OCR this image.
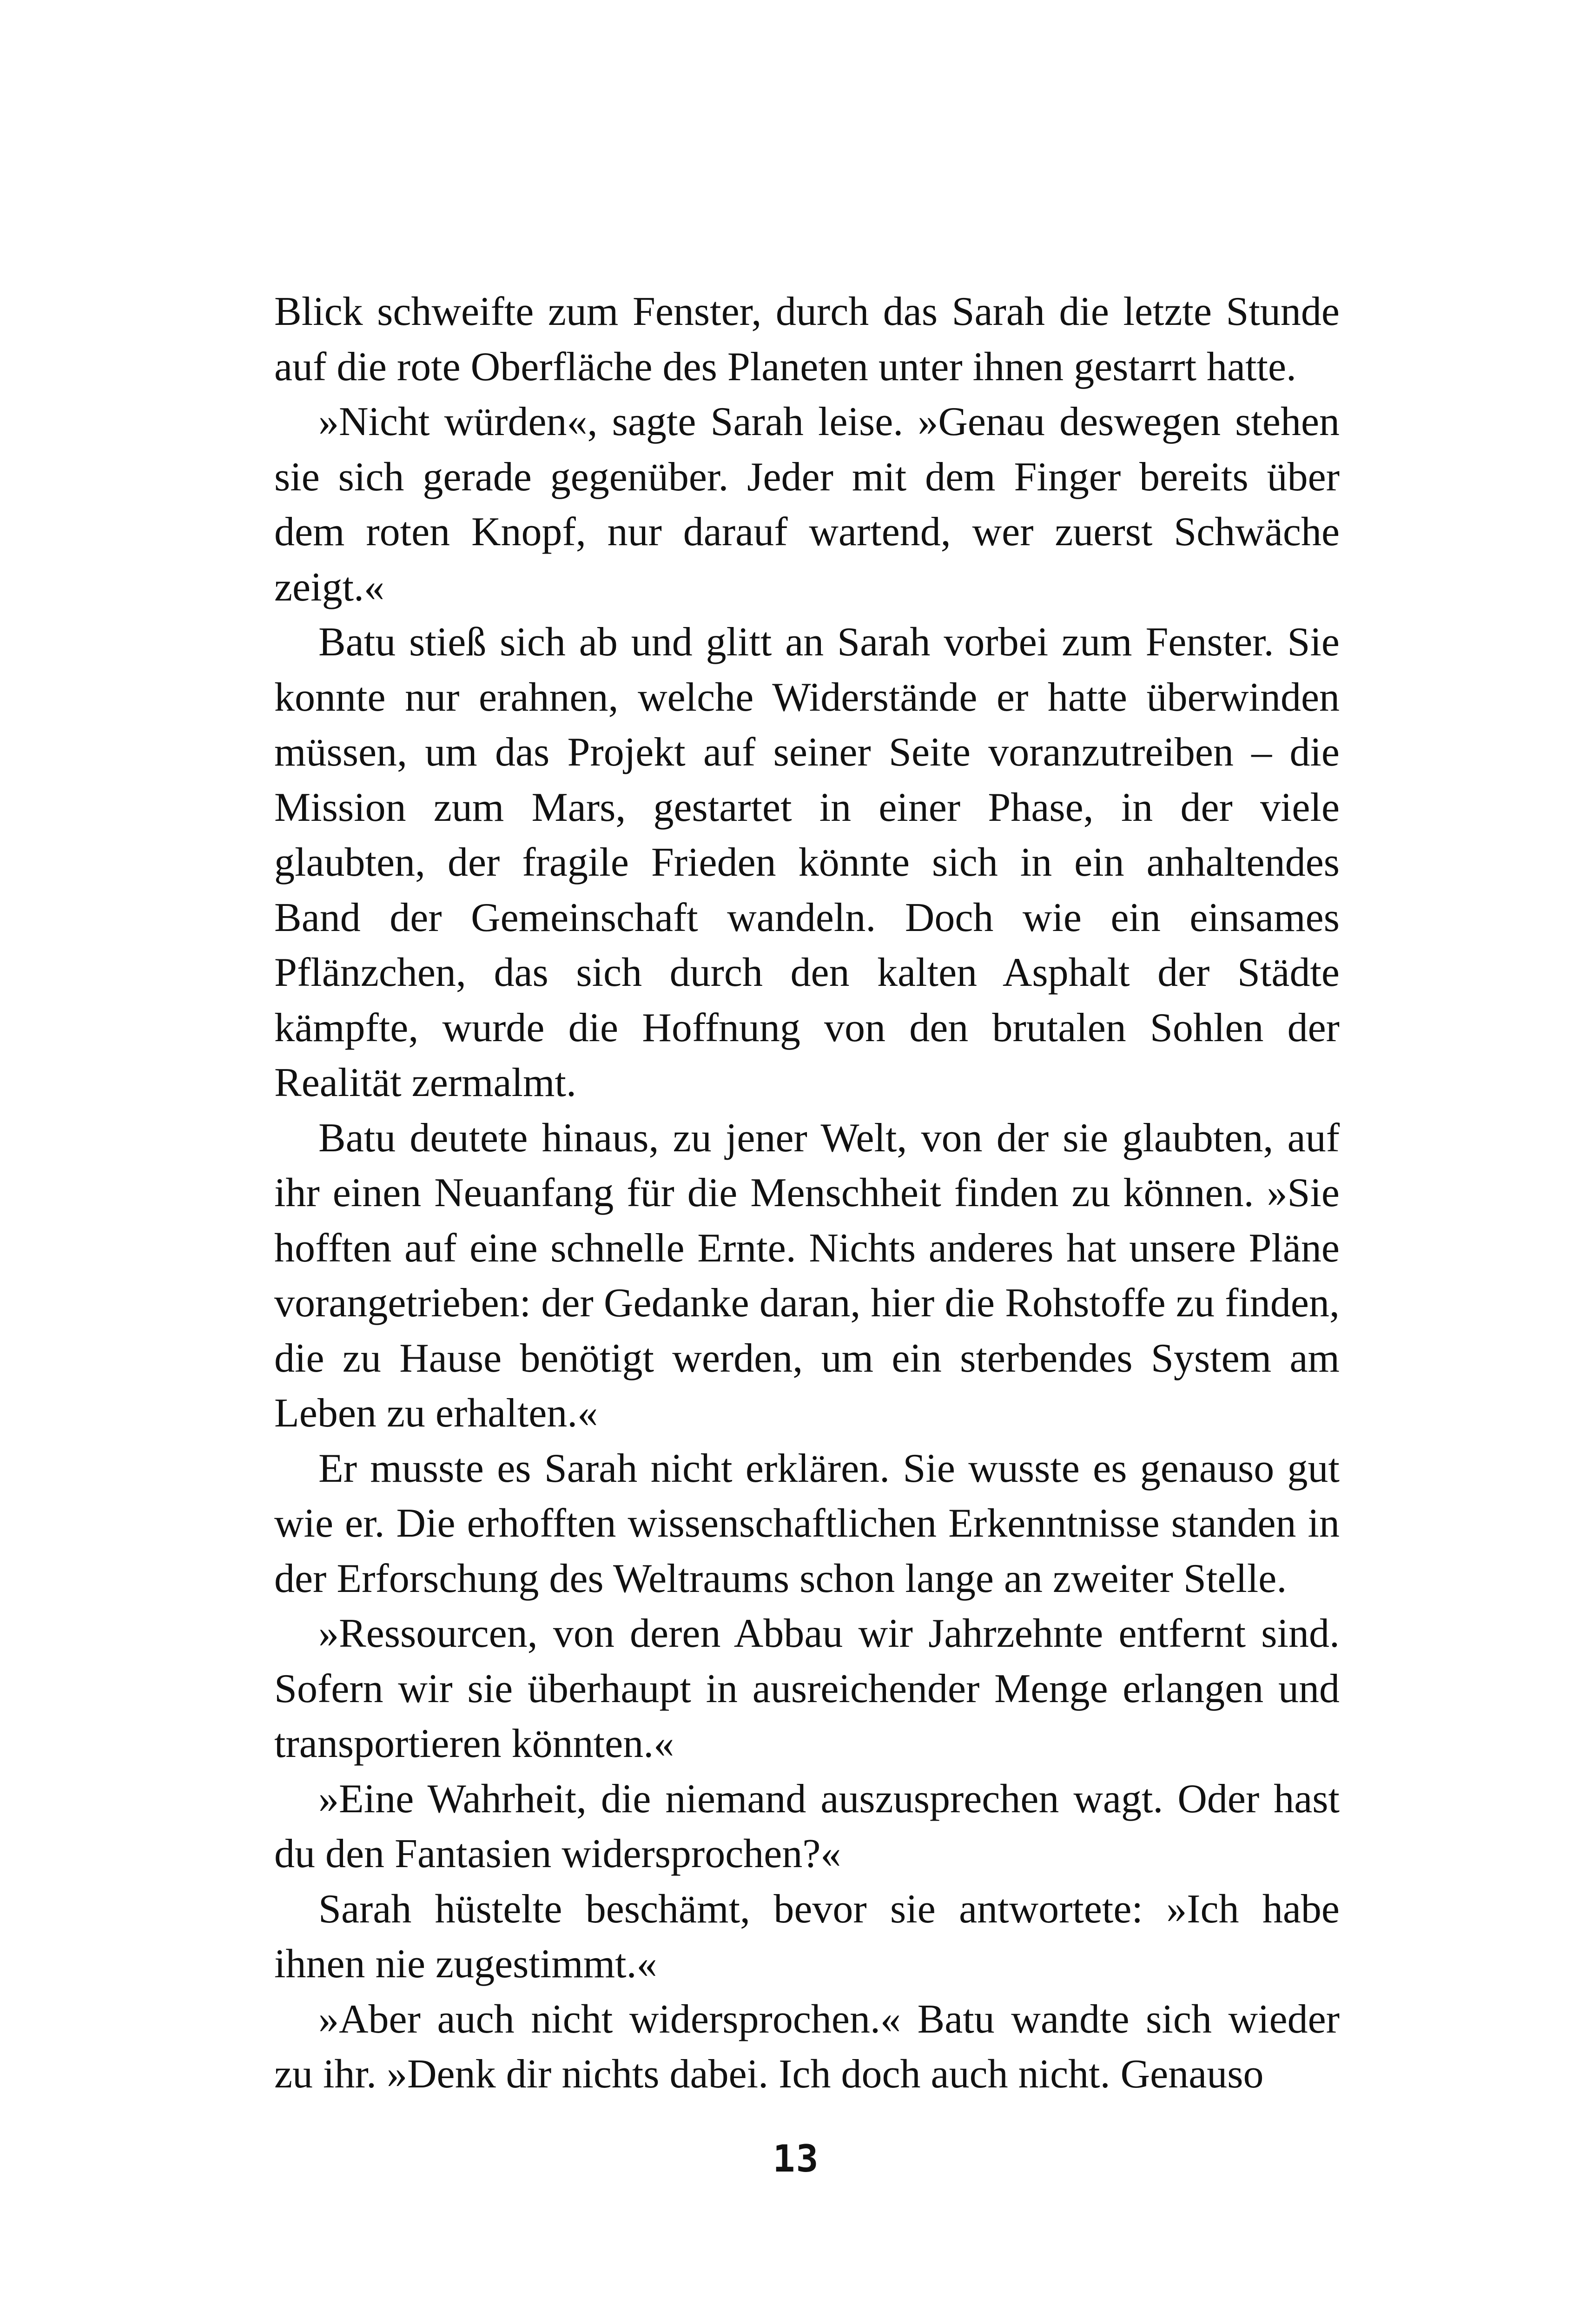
Blick schweifte zum Fenster, durch das Sarah die letzte Stunde auf die rote Oberfläche des Planeten unter ihnen gestarrt hatte.

»Nicht würden«, sagte Sarah leise. »Genau deswegen stehen sie sich gerade gegenüber. Jeder mit dem Finger bereits über dem roten Knopf, nur darauf wartend, wer zuerst Schwäche zeigt.«

Batu stieß sich ab und glitt an Sarah vorbei zum Fenster. Sie konnte nur erahnen, welche Widerstände er hatte überwinden müssen, um das Projekt auf seiner Seite voranzutreiben – die Mission zum Mars, gestartet in einer Phase, in der viele glaubten, der fragile Frieden könnte sich in ein anhaltendes Band der Gemeinschaft wandeln. Doch wie ein einsames Pflänzchen, das sich durch den kalten Asphalt der Städte kämpfte, wurde die Hoffnung von den brutalen Sohlen der Realität zermalmt.

Batu deutete hinaus, zu jener Welt, von der sie glaubten, auf ihr einen Neuanfang für die Menschheit finden zu können. »Sie hofften auf eine schnelle Ernte. Nichts anderes hat unsere Pläne vorangetrieben: der Gedanke daran, hier die Rohstoffe zu finden, die zu Hause benötigt werden, um ein sterbendes System am Leben zu erhalten.«

Er musste es Sarah nicht erklären. Sie wusste es genauso gut wie er. Die erhofften wissenschaftlichen Erkenntnisse standen in der Erforschung des Weltraums schon lange an zweiter Stelle.

»Ressourcen, von deren Abbau wir Jahrzehnte entfernt sind. Sofern wir sie überhaupt in ausreichender Menge erlangen und transportieren könnten.«

»Eine Wahrheit, die niemand auszusprechen wagt. Oder hast du den Fantasien widersprochen?«

Sarah hüstelte beschämt, bevor sie antwortete: »Ich habe ihnen nie zugestimmt.«

»Aber auch nicht widersprochen.« Batu wandte sich wieder zu ihr. »Denk dir nichts dabei. Ich doch auch nicht. Genauso

13
